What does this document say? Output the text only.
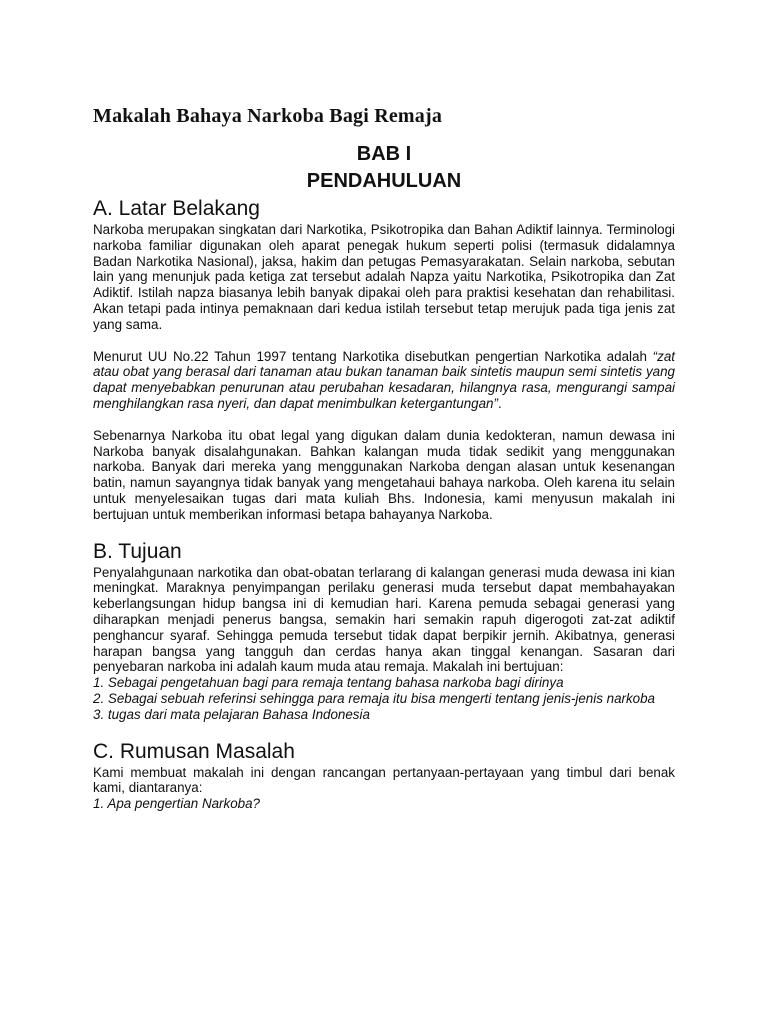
Makalah Bahaya Narkoba Bagi Remaja
BAB I
PENDAHULUAN
A. Latar Belakang

Narkoba merupakan singkatan dari Narkotika, Psikotropika dan Bahan Adiktif lainnya. Terminologi narkoba familiar digunakan oleh aparat penegak hukum seperti polisi (termasuk didalamnya Badan Narkotika Nasional), jaksa, hakim dan petugas Pemasyarakatan. Selain narkoba, sebutan lain yang menunjuk pada ketiga zat tersebut adalah Napza yaitu Narkotika, Psikotropika dan Zat Adiktif. Istilah napza biasanya lebih banyak dipakai oleh para praktisi kesehatan dan rehabilitasi. Akan tetapi pada intinya pemaknaan dari kedua istilah tersebut tetap merujuk pada tiga jenis zat yang sama.

Menurut UU No.22 Tahun 1997 tentang Narkotika disebutkan pengertian Narkotika adalah “zat atau obat yang berasal dari tanaman atau bukan tanaman baik sintetis maupun semi sintetis yang dapat menyebabkan penurunan atau perubahan kesadaran, hilangnya rasa, mengurangi sampai menghilangkan rasa nyeri, dan dapat menimbulkan ketergantungan”.

Sebenarnya Narkoba itu obat legal yang digukan dalam dunia kedokteran, namun dewasa ini Narkoba banyak disalahgunakan. Bahkan kalangan muda tidak sedikit yang menggunakan narkoba. Banyak dari mereka yang menggunakan Narkoba dengan alasan untuk kesenangan batin, namun sayangnya tidak banyak yang mengetahaui bahaya narkoba. Oleh karena itu selain untuk menyelesaikan tugas dari mata kuliah Bhs. Indonesia, kami menyusun makalah ini bertujuan untuk memberikan informasi betapa bahayanya Narkoba.

B. Tujuan

Penyalahgunaan narkotika dan obat-obatan terlarang di kalangan generasi muda dewasa ini kian meningkat. Maraknya penyimpangan perilaku generasi muda tersebut dapat membahayakan keberlangsungan hidup bangsa ini di kemudian hari. Karena pemuda sebagai generasi yang diharapkan menjadi penerus bangsa, semakin hari semakin rapuh digerogoti zat-zat adiktif penghancur syaraf. Sehingga pemuda tersebut tidak dapat berpikir jernih. Akibatnya, generasi harapan bangsa yang tangguh dan cerdas hanya akan tinggal kenangan. Sasaran dari penyebaran narkoba ini adalah kaum muda atau remaja. Makalah ini bertujuan:

1. Sebagai pengetahuan bagi para remaja tentang bahasa narkoba bagi dirinya
2. Sebagai sebuah referinsi sehingga para remaja itu bisa mengerti tentang jenis-jenis narkoba
3. tugas dari mata pelajaran Bahasa Indonesia
C. Rumusan Masalah

Kami membuat makalah ini dengan rancangan pertanyaan-pertayaan yang timbul dari benak kami, diantaranya:

1. Apa pengertian Narkoba?
